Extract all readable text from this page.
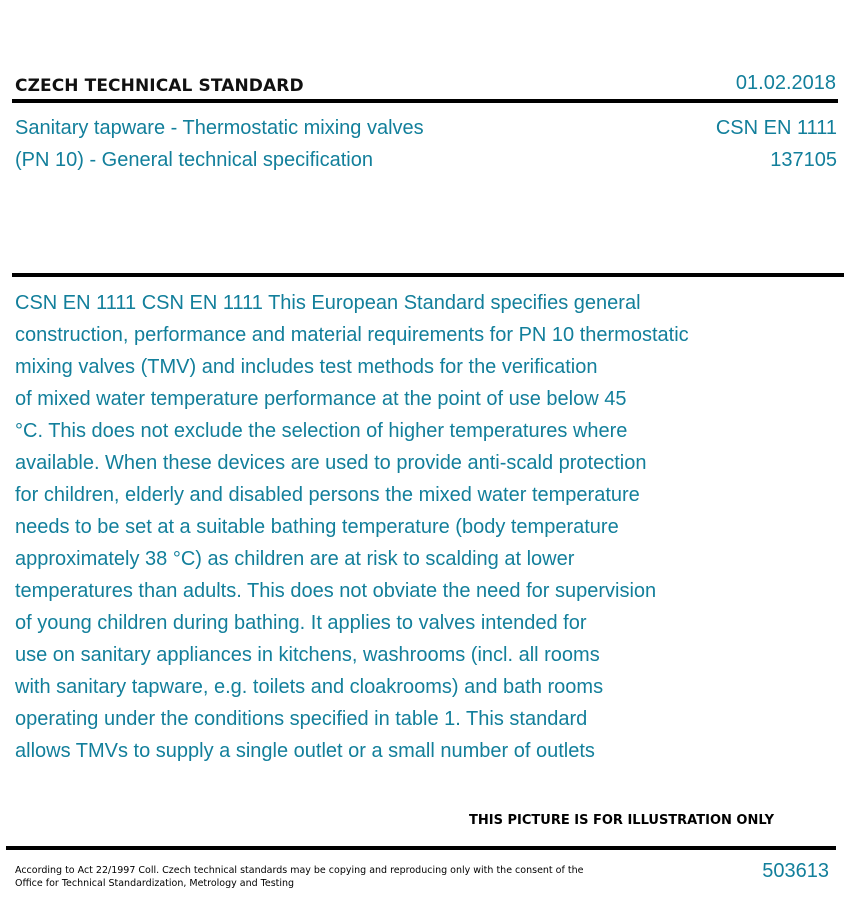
CZECH TECHNICAL STANDARD	01.02.2018
Sanitary tapware - Thermostatic mixing valves
(PN 10) - General technical specification
CSN EN 1111
137105
CSN EN 1111 CSN EN 1111 This European Standard specifies general
construction, performance and material requirements for PN 10 thermostatic
mixing valves (TMV) and includes test methods for the verification
of mixed water temperature performance at the point of use below 45
°C. This does not exclude the selection of higher temperatures where
available. When these devices are used to provide anti-scald protection
for children, elderly and disabled persons the mixed water temperature
needs to be set at a suitable bathing temperature (body temperature
approximately 38 °C) as children are at risk to scalding at lower
temperatures than adults. This does not obviate the need for supervision
of young children during bathing. It applies to valves intended for
use on sanitary appliances in kitchens, washrooms (incl. all rooms
with sanitary tapware, e.g. toilets and cloakrooms) and bath rooms
operating under the conditions specified in table 1. This standard
allows TMVs to supply a single outlet or a small number of outlets
THIS PICTURE IS FOR ILLUSTRATION ONLY
According to Act 22/1997 Coll. Czech technical standards may be copying and reproducing only with the consent of the Office for Technical Standardization, Metrology and Testing
503613
